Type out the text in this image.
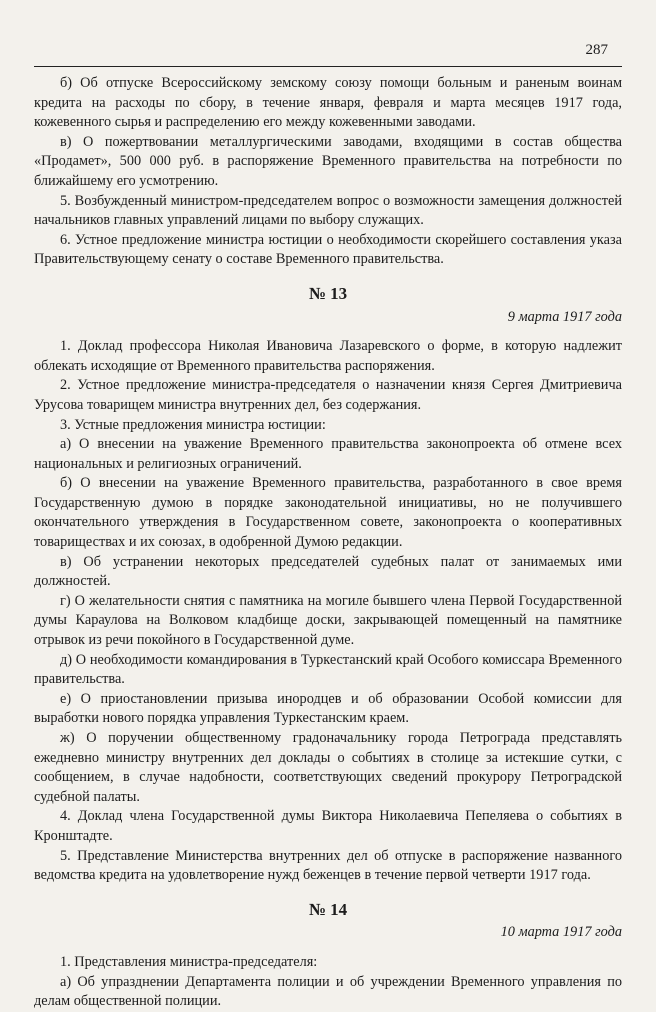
287

б) Об отпуске Всероссийскому земскому союзу помощи больным и раненым воинам кредита на расходы по сбору, в течение января, февраля и марта месяцев 1917 года, кожевенного сырья и распределению его между кожевенными заводами.

в) О пожертвовании металлургическими заводами, входящими в состав общества «Продамет», 500 000 руб. в распоряжение Временного правительства на потребности по ближайшему его усмотрению.

5. Возбужденный министром-председателем вопрос о возможности замещения должностей начальников главных управлений лицами по выбору служащих.

6. Устное предложение министра юстиции о необходимости скорейшего составления указа Правительствующему сенату о составе Временного правительства.

№ 13
9 марта 1917 года

1. Доклад профессора Николая Ивановича Лазаревского о форме, в которую надлежит облекать исходящие от Временного правительства распоряжения.

2. Устное предложение министра-председателя о назначении князя Сергея Дмитриевича Урусова товарищем министра внутренних дел, без содержания.

3. Устные предложения министра юстиции:

а) О внесении на уважение Временного правительства законопроекта об отмене всех национальных и религиозных ограничений.

б) О внесении на уважение Временного правительства, разработанного в свое время Государственную думою в порядке законодательной инициативы, но не получившего окончательного утверждения в Государственном совете, законопроекта о кооперативных товариществах и их союзах, в одобренной Думою редакции.

в) Об устранении некоторых председателей судебных палат от занимаемых ими должностей.

г) О желательности снятия с памятника на могиле бывшего члена Первой Государственной думы Караулова на Волковом кладбище доски, закрывающей помещенный на памятнике отрывок из речи покойного в Государственной думе.

д) О необходимости командирования в Туркестанский край Особого комиссара Временного правительства.

е) О приостановлении призыва инородцев и об образовании Особой комиссии для выработки нового порядка управления Туркестанским краем.

ж) О поручении общественному градоначальнику города Петрограда представлять ежедневно министру внутренних дел доклады о событиях в столице за истекшие сутки, с сообщением, в случае надобности, соответствующих сведений прокурору Петроградской судебной палаты.

4. Доклад члена Государственной думы Виктора Николаевича Пепеляева о событиях в Кронштадте.

5. Представление Министерства внутренних дел об отпуске в распоряжение названного ведомства кредита на удовлетворение нужд беженцев в течение первой четверти 1917 года.

№ 14
10 марта 1917 года

1. Представления министра-председателя:

а) Об упразднении Департамента полиции и об учреждении Временного управления по делам общественной полиции.
